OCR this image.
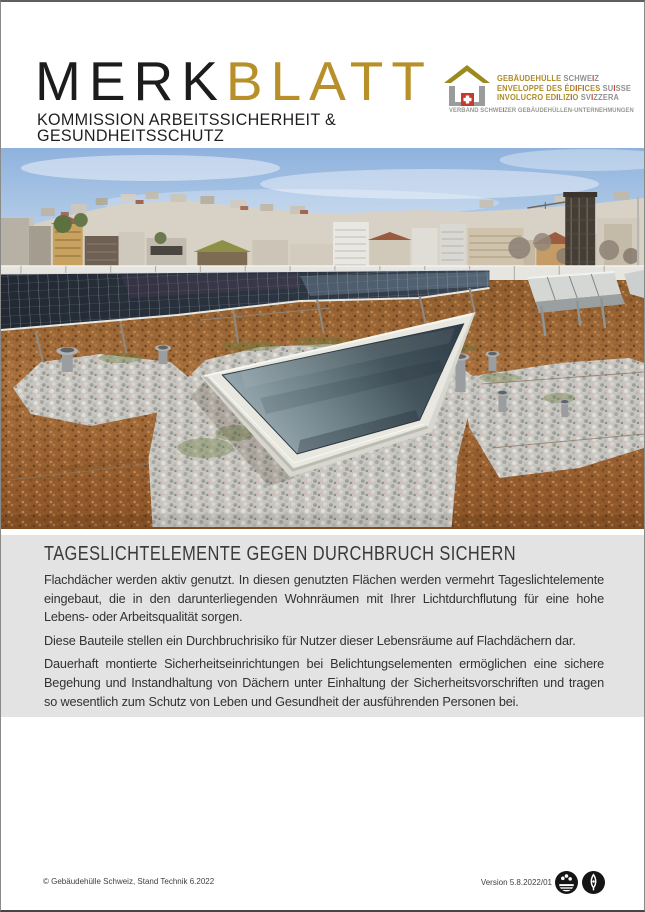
MERKBLATT
KOMMISSION ARBEITSSICHERHEIT &
GESUNDHEITSSCHUTZ
GEBÄUDEHÜLLE SCHWEIZ
ENVELOPPE DES ÉDIFICES SUISSE
INVOLUCRO EDILIZIO SVIZZERA
VERBAND SCHWEIZER GEBÄUDEHÜLLEN-UNTERNEHMUNGEN
TAGESLICHTELEMENTE GEGEN DURCHBRUCH SICHERN

Flachdächer werden aktiv genutzt. In diesen genutzten Flächen werden vermehrt Tageslichtelemente eingebaut, die in den darunterliegenden Wohnräumen mit Ihrer Lichtdurchflutung für eine hohe Lebens- oder Arbeitsqualität sorgen.

Diese Bauteile stellen ein Durchbruchrisiko für Nutzer dieser Lebensräume auf Flachdächern dar.

Dauerhaft montierte Sicherheitseinrichtungen bei Belichtungselementen ermöglichen eine sichere Begehung und Instandhaltung von Dächern unter Einhaltung der Sicherheitsvorschriften und tragen so wesentlich zum Schutz von Leben und Gesundheit der ausführenden Personen bei.

© Gebäudehülle Schweiz, Stand Technik 6.2022	Version 5.8.2022/01
